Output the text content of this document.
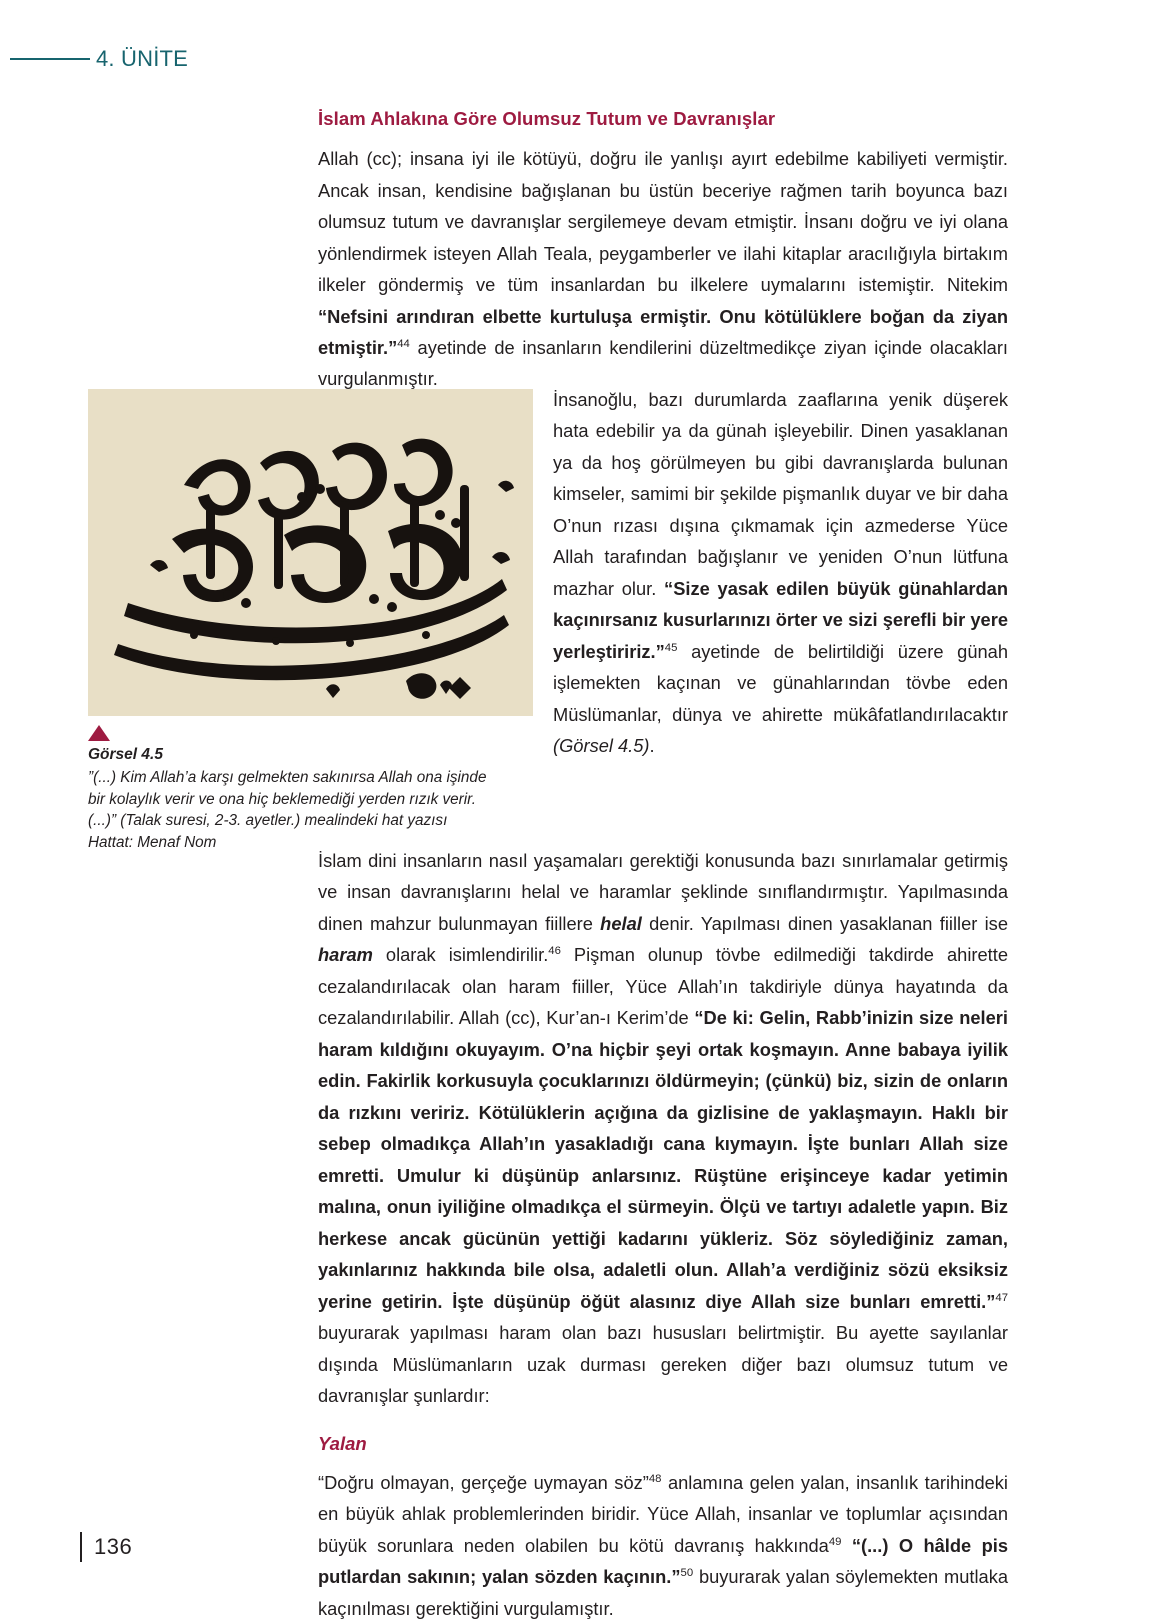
4. ÜNİTE
İslam Ahlakına Göre Olumsuz Tutum ve Davranışlar

Allah (cc); insana iyi ile kötüyü, doğru ile yanlışı ayırt edebilme kabiliyeti vermiştir. Ancak insan, kendisine bağışlanan bu üstün beceriye rağmen tarih boyunca bazı olumsuz tutum ve davranışlar sergilemeye devam etmiştir. İnsanı doğru ve iyi olana yönlendirmek isteyen Allah Teala, peygamberler ve ilahi kitaplar aracılığıyla birtakım ilkeler göndermiş ve tüm insanlardan bu ilkelere uymalarını istemiştir. Nitekim “Nefsini arındıran elbette kurtuluşa ermiştir. Onu kötülüklere boğan da ziyan etmiştir.”$^{44}$ ayetinde de insanların kendilerini düzeltmedikçe ziyan içinde olacakları vurgulanmıştır.

Görsel 4.5

”(...) Kim Allah’a karşı gelmekten sakınırsa Allah ona işinde
bir kolaylık verir ve ona hiç beklemediği yerden rızık verir.
(...)” (Talak suresi, 2-3. ayetler.) mealindeki hat yazısı
Hattat: Menaf Nom

İnsanoğlu, bazı durumlarda zaaflarına yenik düşerek hata edebilir ya da günah işleyebilir. Dinen yasaklanan ya da hoş görülmeyen bu gibi davranışlarda bulunan kimseler, samimi bir şekilde pişmanlık duyar ve bir daha O’nun rızası dışına çıkmamak için azmederse Yüce Allah tarafından bağışlanır ve yeniden O’nun lütfuna mazhar olur. “Size yasak edilen büyük günahlardan kaçınırsanız kusurlarınızı örter ve sizi şerefli bir yere yerleştiririz.”$^{45}$ ayetinde de belirtildiği üzere günah işlemekten kaçınan ve günahlarından tövbe eden Müslümanlar, dünya ve ahirette mükâfatlandırılacaktır (Görsel 4.5).

İslam dini insanların nasıl yaşamaları gerektiği konusunda bazı sınırlamalar getirmiş ve insan davranışlarını helal ve haramlar şeklinde sınıflandırmıştır. Yapılmasında dinen mahzur bulunmayan fiillere helal denir. Yapılması dinen yasaklanan fiiller ise haram olarak isimlendirilir.$^{46}$ Pişman olunup tövbe edilmediği takdirde ahirette cezalandırılacak olan haram fiiller, Yüce Allah’ın takdiriyle dünya hayatında da cezalandırılabilir. Allah (cc), Kur’an-ı Kerim’de “De ki: Gelin, Rabb’inizin size neleri haram kıldığını okuyayım. O’na hiçbir şeyi ortak koşmayın. Anne babaya iyilik edin. Fakirlik korkusuyla çocuklarınızı öldürmeyin; (çünkü) biz, sizin de onların da rızkını veririz. Kötülüklerin açığına da gizlisine de yaklaşmayın. Haklı bir sebep olmadıkça Allah’ın yasakladığı cana kıymayın. İşte bunları Allah size emretti. Umulur ki düşünüp anlarsınız. Rüştüne erişinceye kadar yetimin malına, onun iyiliğine olmadıkça el sürmeyin. Ölçü ve tartıyı adaletle yapın. Biz herkese ancak gücünün yettiği kadarını yükleriz. Söz söylediğiniz zaman, yakınlarınız hakkında bile olsa, adaletli olun. Allah’a verdiğiniz sözü eksiksiz yerine getirin. İşte düşünüp öğüt alasınız diye Allah size bunları emretti.”$^{47}$ buyurarak yapılması haram olan bazı hususları belirtmiştir. Bu ayette sayılanlar dışında Müslümanların uzak durması gereken diğer bazı olumsuz tutum ve davranışlar şunlardır:

Yalan

“Doğru olmayan, gerçeğe uymayan söz”$^{48}$ anlamına gelen yalan, insanlık tarihindeki en büyük ahlak problemlerinden biridir. Yüce Allah, insanlar ve toplumlar açısından büyük sorunlara neden olabilen bu kötü davranış hakkında$^{49}$ “(...) O hâlde pis putlardan sakının; yalan sözden kaçının.”$^{50}$ buyurarak yalan söylemekten mutlaka kaçınılması gerektiğini vurgulamıştır.

136
